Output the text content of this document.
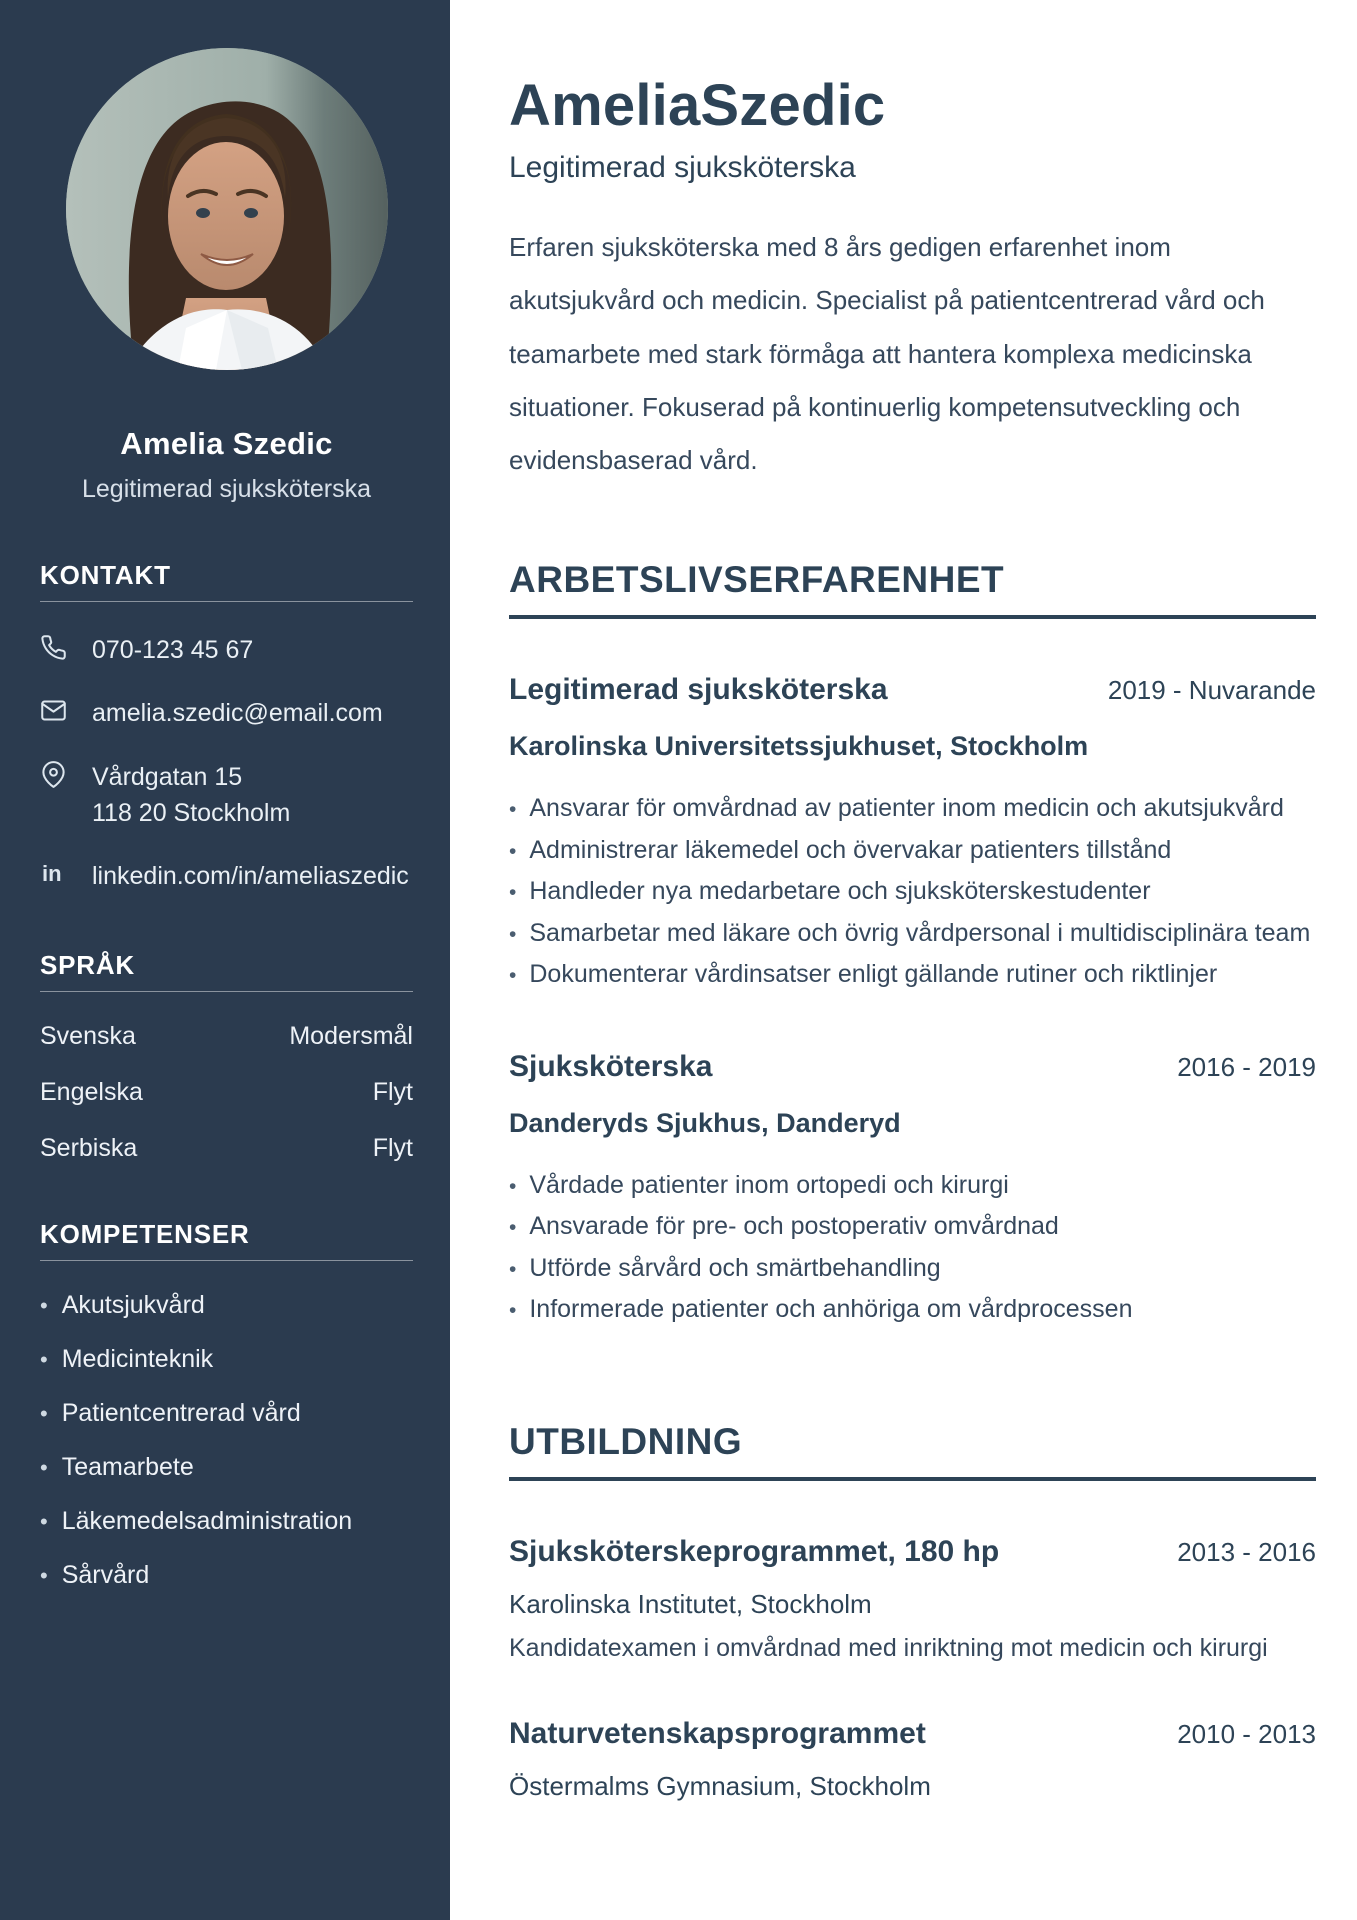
Amelia Szedic
Legitimerad sjuksköterska
KONTAKT
070-123 45 67
amelia.szedic@email.com
Vårdgatan 15
118 20 Stockholm
in linkedin.com/in/ameliaszedic
SPRÅK
Svenska	Modersmål
Engelska	Flyt
Serbiska	Flyt
KOMPETENSER
• Akutsjukvård
• Medicinteknik
• Patientcentrerad vård
• Teamarbete
• Läkemedelsadministration
• Sårvård
AmeliaSzedic
Legitimerad sjuksköterska

Erfaren sjuksköterska med 8 års gedigen erfarenhet inom akutsjukvård och medicin. Specialist på patientcentrerad vård och teamarbete med stark förmåga att hantera komplexa medicinska situationer. Fokuserad på kontinuerlig kompetensutveckling och evidensbaserad vård.

ARBETSLIVSERFARENHET
Legitimerad sjuksköterska	2019 - Nuvarande
Karolinska Universitetssjukhuset, Stockholm
• Ansvarar för omvårdnad av patienter inom medicin och akutsjukvård
• Administrerar läkemedel och övervakar patienters tillstånd
• Handleder nya medarbetare och sjuksköterskestudenter
• Samarbetar med läkare och övrig vårdpersonal i multidisciplinära team
• Dokumenterar vårdinsatser enligt gällande rutiner och riktlinjer
Sjuksköterska	2016 - 2019
Danderyds Sjukhus, Danderyd
• Vårdade patienter inom ortopedi och kirurgi
• Ansvarade för pre- och postoperativ omvårdnad
• Utförde sårvård och smärtbehandling
• Informerade patienter och anhöriga om vårdprocessen
UTBILDNING
Sjuksköterskeprogrammet, 180 hp	2013 - 2016
Karolinska Institutet, Stockholm
Kandidatexamen i omvårdnad med inriktning mot medicin och kirurgi
Naturvetenskapsprogrammet	2010 - 2013
Östermalms Gymnasium, Stockholm
